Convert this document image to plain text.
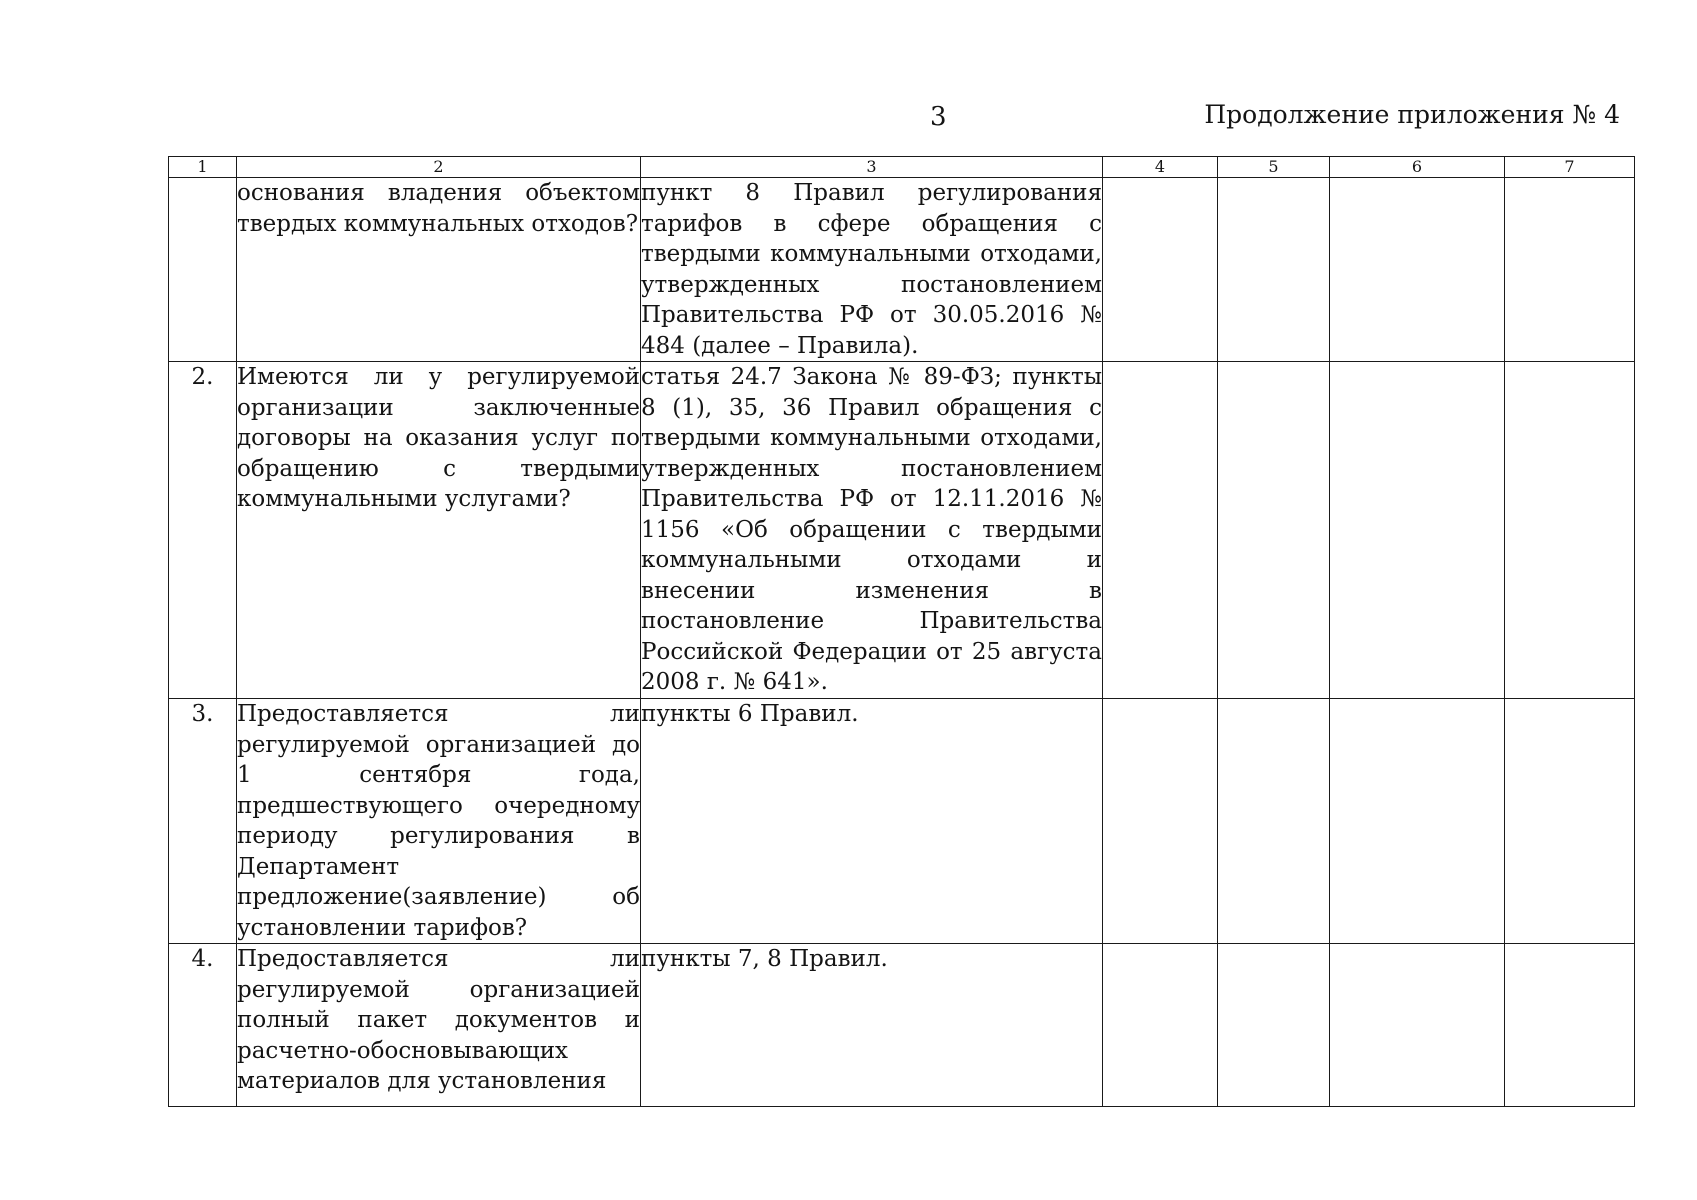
3	Продолжение приложения № 4
1	2	3	4	5	6	7

	основания владения объектом твердых коммунальных отходов?	пункт 8 Правил регулирования тарифов в сфере обращения с твердыми коммунальными отходами, утвержденных постановлением Правительства РФ от 30.05.2016 № 484 (далее – Правила).				

2.	Имеются ли у регулируемой организации заключенные договоры на оказания услуг по обращению с твердыми коммунальными услугами?	статья 24.7 Закона № 89-ФЗ; пункты 8 (1), 35, 36 Правил обращения с твердыми коммунальными отходами, утвержденных постановлением Правительства РФ от 12.11.2016 № 1156 «Об обращении с твердыми коммунальными отходами и внесении изменения в постановление Правительства Российской Федерации от 25 августа 2008 г. № 641».				

3.	Предоставляется ли регулируемой организацией до 1 сентября года, предшествующего очередному периоду регулирования в Департамент предложение(заявление) об установлении тарифов?	пункты 6 Правил.				

4.	Предоставляется ли регулируемой организацией полный пакет документов и расчетно-обосновывающих материалов для установления	пункты 7, 8 Правил.				
